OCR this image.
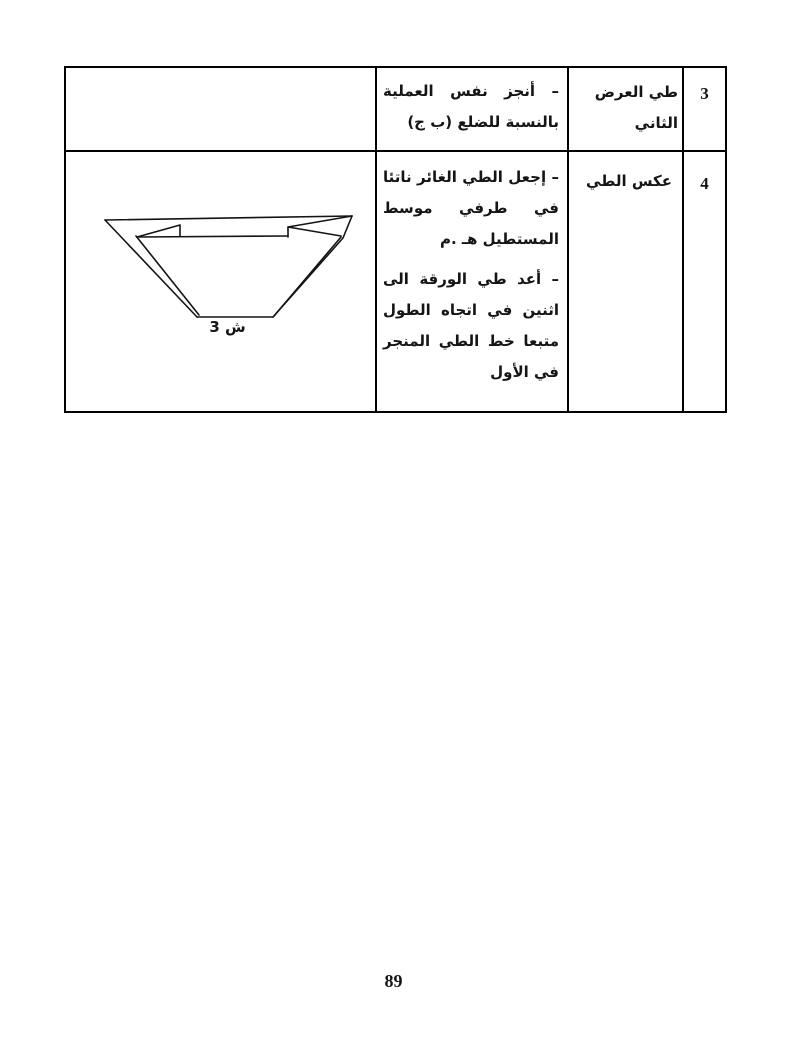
3
طي العرض الثاني
– أنجز نفس العملية بالنسبة للضلع (ب ج)
4
عكس الطي
– إجعل الطي الغائر ناتئا في طرفي موسط المستطيل هـ .م
– أعد طي الورقة الى اثنين في اتجاه الطول متبعا خط الطي المنجر في الأول
ش 3
89
